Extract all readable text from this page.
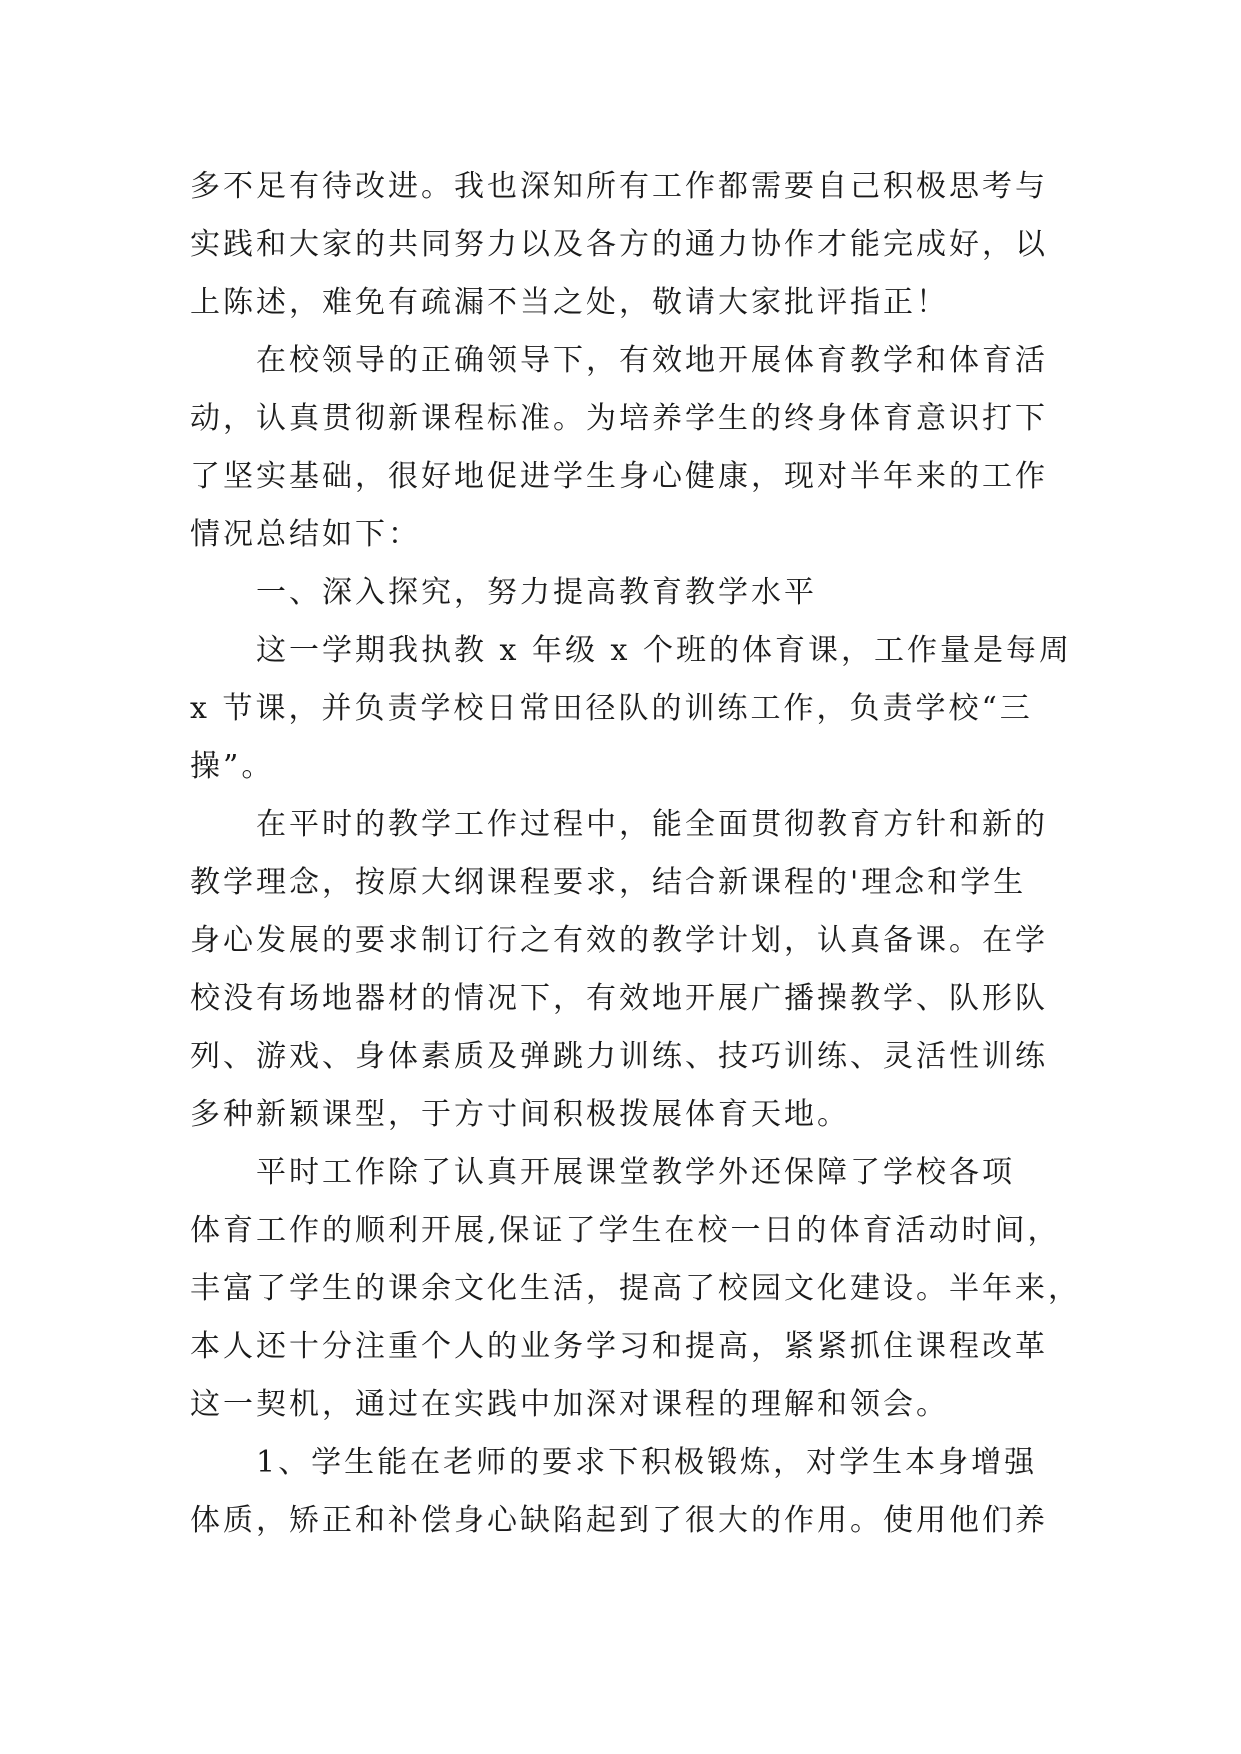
多不足有待改进。我也深知所有工作都需要自己积极思考与
实践和大家的共同努力以及各方的通力协作才能完成好，以
上陈述，难免有疏漏不当之处，敬请大家批评指正！
在校领导的正确领导下，有效地开展体育教学和体育活
动，认真贯彻新课程标准。为培养学生的终身体育意识打下
了坚实基础，很好地促进学生身心健康，现对半年来的工作
情况总结如下：
一、深入探究，努力提高教育教学水平
这一学期我执教 x 年级 x 个班的体育课，工作量是每周
x 节课，并负责学校日常田径队的训练工作，负责学校“三
操”。
在平时的教学工作过程中，能全面贯彻教育方针和新的
教学理念，按原大纲课程要求，结合新课程的'理念和学生
身心发展的要求制订行之有效的教学计划，认真备课。在学
校没有场地器材的情况下，有效地开展广播操教学、队形队
列、游戏、身体素质及弹跳力训练、技巧训练、灵活性训练
多种新颖课型，于方寸间积极拨展体育天地。
平时工作除了认真开展课堂教学外还保障了学校各项
体育工作的顺利开展,保证了学生在校一日的体育活动时间，
丰富了学生的课余文化生活，提高了校园文化建设。半年来，
本人还十分注重个人的业务学习和提高，紧紧抓住课程改革
这一契机，通过在实践中加深对课程的理解和领会。
1、学生能在老师的要求下积极锻炼，对学生本身增强
体质，矫正和补偿身心缺陷起到了很大的作用。使用他们养
